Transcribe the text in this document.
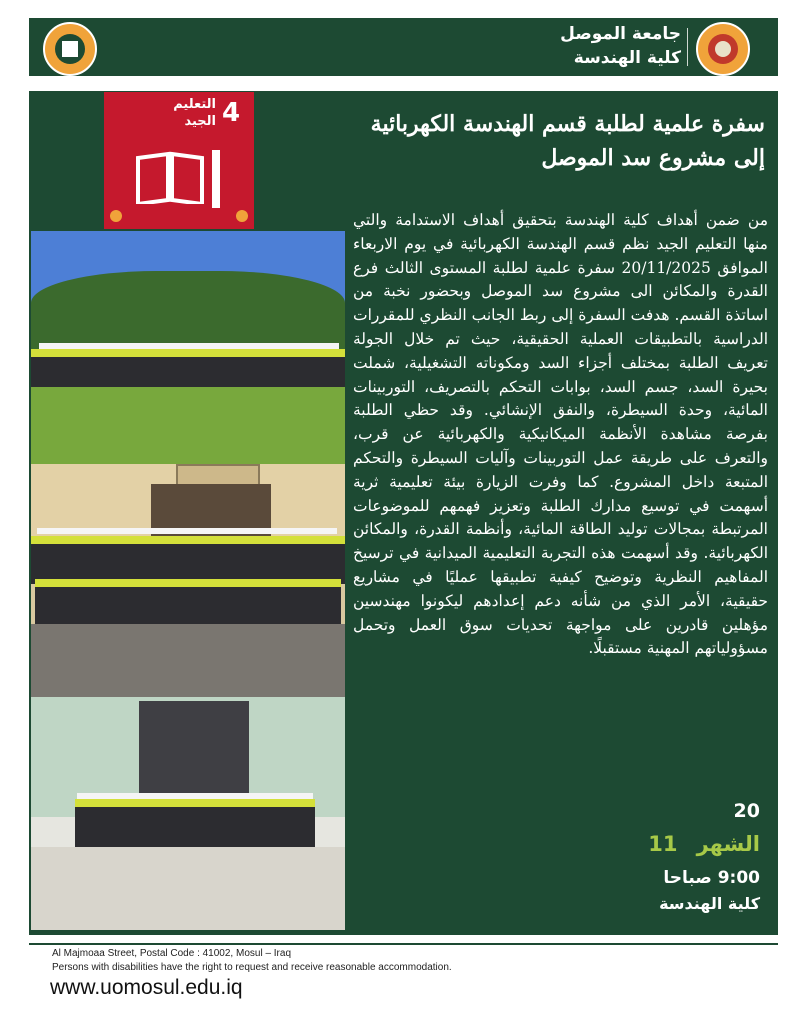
جامعة الموصل
كلية الهندسة
سفرة علمية لطلبة قسم الهندسة الكهربائية إلى مشروع سد الموصل
4
التعليم الجيد
من ضمن أهداف كلية الهندسة بتحقيق أهداف الاستدامة والتي منها التعليم الجيد نظم قسم الهندسة الكهربائية في يوم الاربعاء الموافق 20/11/2025 سفرة علمية لطلبة المستوى الثالث فرع القدرة والمكائن الى مشروع سد الموصل وبحضور نخبة من اساتذة القسم. هدفت السفرة إلى ربط الجانب النظري للمقررات الدراسية بالتطبيقات العملية الحقيقية، حيث تم خلال الجولة تعريف الطلبة بمختلف أجزاء السد ومكوناته التشغيلية، شملت بحيرة السد، جسم السد، بوابات التحكم بالتصريف، التوربينات المائية، وحدة السيطرة، والنفق الإنشائي. وقد حظي الطلبة بفرصة مشاهدة الأنظمة الميكانيكية والكهربائية عن قرب، والتعرف على طريقة عمل التوربينات وآليات السيطرة والتحكم المتبعة داخل المشروع. كما وفرت الزيارة بيئة تعليمية ثرية أسهمت في توسيع مدارك الطلبة وتعزيز فهمهم للموضوعات المرتبطة بمجالات توليد الطاقة المائية، وأنظمة القدرة، والمكائن الكهربائية. وقد أسهمت هذه التجربة التعليمية الميدانية في ترسيخ المفاهيم النظرية وتوضيح كيفية تطبيقها عمليًا في مشاريع حقيقية، الأمر الذي من شأنه دعم إعدادهم ليكونوا مهندسين مؤهلين قادرين على مواجهة تحديات سوق العمل وتحمل مسؤولياتهم المهنية مستقبلًا.
20
الشهر 11
9:00 صباحا
كلية الهندسة
Al Majmoaa Street, Postal Code : 41002, Mosul – Iraq
Persons with disabilities have the right to request and receive reasonable accommodation.
www.uomosul.edu.iq
